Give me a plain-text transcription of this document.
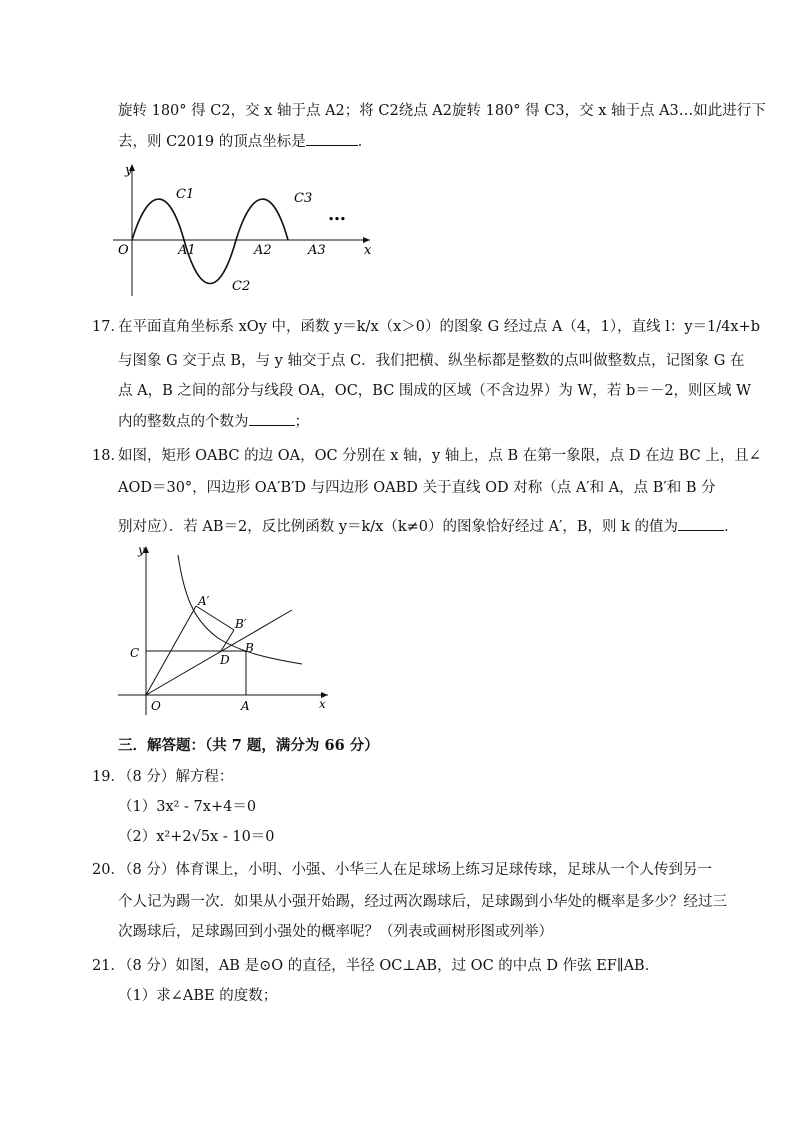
旋转 180° 得 C2，交 x 轴于点 A2；将 C2绕点 A2旋转 180° 得 C3，交 x 轴于点 A3…如此进行下
去，则 C2019 的顶点坐标是	．
y
O	x
C1
A1	A2	A3
C3
C2
…
17．
在平面直角坐标系 xOy 中，函数 y＝k/x（x＞0）的图象 G 经过点 A（4，1），直线 l：y＝1/4x+b
与图象 G 交于点 B，与 y 轴交于点 C．我们把横、纵坐标都是整数的点叫做整数点，记图象 G 在
点 A，B 之间的部分与线段 OA，OC，BC 围成的区域（不含边界）为 W，若 b＝－2，则区域 W
内的整数点的个数为	；
18．
如图，矩形 OABC 的边 OA，OC 分别在 x 轴，y 轴上，点 B 在第一象限，点 D 在边 BC 上，且∠
AOD＝30°，四边形 OA′B′D 与四边形 OABD 关于直线 OD 对称（点 A′和 A，点 B′和 B 分
别对应）．若 AB＝2，反比例函数 y＝k/x（k≠0）的图象恰好经过 A′，B，则 k 的值为	．
y
A′
B′
C	D
B
O	A	x
三．解答题：（共 7 题，满分为 66 分）
19．
（8 分）解方程：
（1）3x² - 7x+4＝0
（2）x²+2√5x - 10＝0
20．
（8 分）体育课上，小明、小强、小华三人在足球场上练习足球传球，足球从一个人传到另一
个人记为踢一次．如果从小强开始踢，经过两次踢球后，足球踢到小华处的概率是多少？经过三
次踢球后，足球踢回到小强处的概率呢？（列表或画树形图或列举）
21．
（8 分）如图，AB 是⊙O 的直径，半径 OC⊥AB，过 OC 的中点 D 作弦 EF∥AB．
（1）求∠ABE 的度数；
